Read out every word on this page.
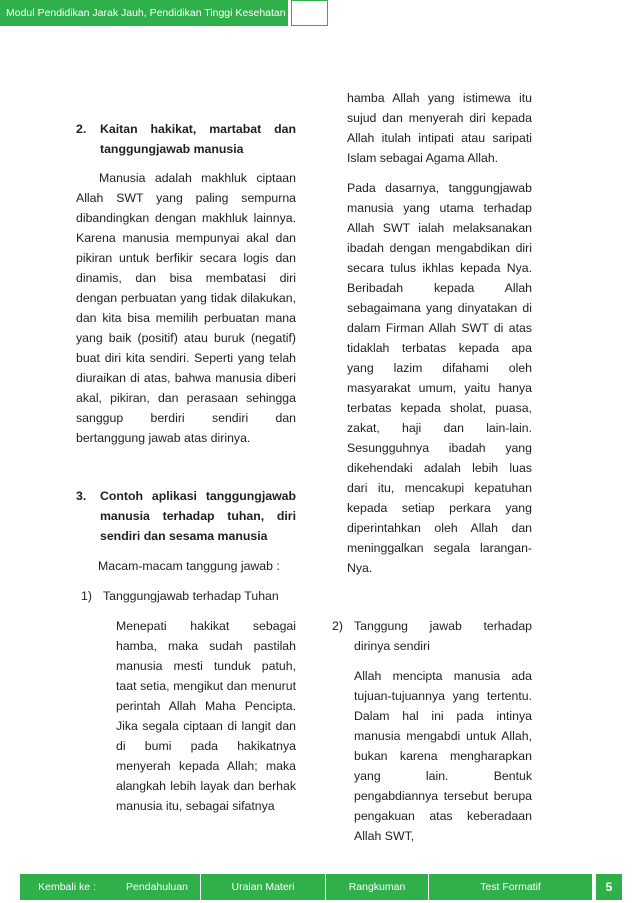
Modul Pendidikan Jarak Jauh, Pendidikan Tinggi Kesehatan
2. Kaitan hakikat, martabat dan tanggungjawab manusia

Manusia adalah makhluk ciptaan Allah SWT yang paling sempurna dibandingkan dengan makhluk lainnya. Karena manusia mempunyai akal dan pikiran untuk berfikir secara logis dan dinamis, dan bisa membatasi diri dengan perbuatan yang tidak dilakukan, dan kita bisa memilih perbuatan mana yang baik (positif) atau buruk (negatif) buat diri kita sendiri. Seperti yang telah diuraikan di atas, bahwa manusia diberi akal, pikiran, dan perasaan sehingga sanggup berdiri sendiri dan bertanggung jawab atas dirinya.

3. Contoh aplikasi tanggungjawab manusia terhadap tuhan, diri sendiri dan sesama manusia

Macam-macam tanggung jawab :

1) Tanggungjawab terhadap Tuhan

Menepati hakikat sebagai hamba, maka sudah pastilah manusia mesti tunduk patuh, taat setia, mengikut dan menurut perintah Allah Maha Pencipta. Jika segala ciptaan di langit dan di bumi pada hakikatnya menyerah kepada Allah; maka alangkah lebih layak dan berhak manusia itu, sebagai sifatnya

hamba Allah yang istimewa itu sujud dan menyerah diri kepada Allah itulah intipati atau saripati Islam sebagai Agama Allah.

Pada dasarnya, tanggungjawab manusia yang utama terhadap Allah SWT ialah melaksanakan ibadah dengan mengabdikan diri secara tulus ikhlas kepada Nya. Beribadah kepada Allah sebagaimana yang dinyatakan di dalam Firman Allah SWT di atas tidaklah terbatas kepada apa yang lazim difahami oleh masyarakat umum, yaitu hanya terbatas kepada sholat, puasa, zakat, haji dan lain-lain. Sesungguhnya ibadah yang dikehendaki adalah lebih luas dari itu, mencakupi kepatuhan kepada setiap perkara yang diperintahkan oleh Allah dan meninggalkan segala larangan-Nya.

2) Tanggung jawab terhadap dirinya sendiri

Allah mencipta manusia ada tujuan-tujuannya yang tertentu. Dalam hal ini pada intinya manusia mengabdi untuk Allah, bukan karena mengharapkan yang lain. Bentuk pengabdiannya tersebut berupa pengakuan atas keberadaan Allah SWT,

Kembali ke :	Pendahuluan	Uraian Materi	Rangkuman	Test Formatif	5
